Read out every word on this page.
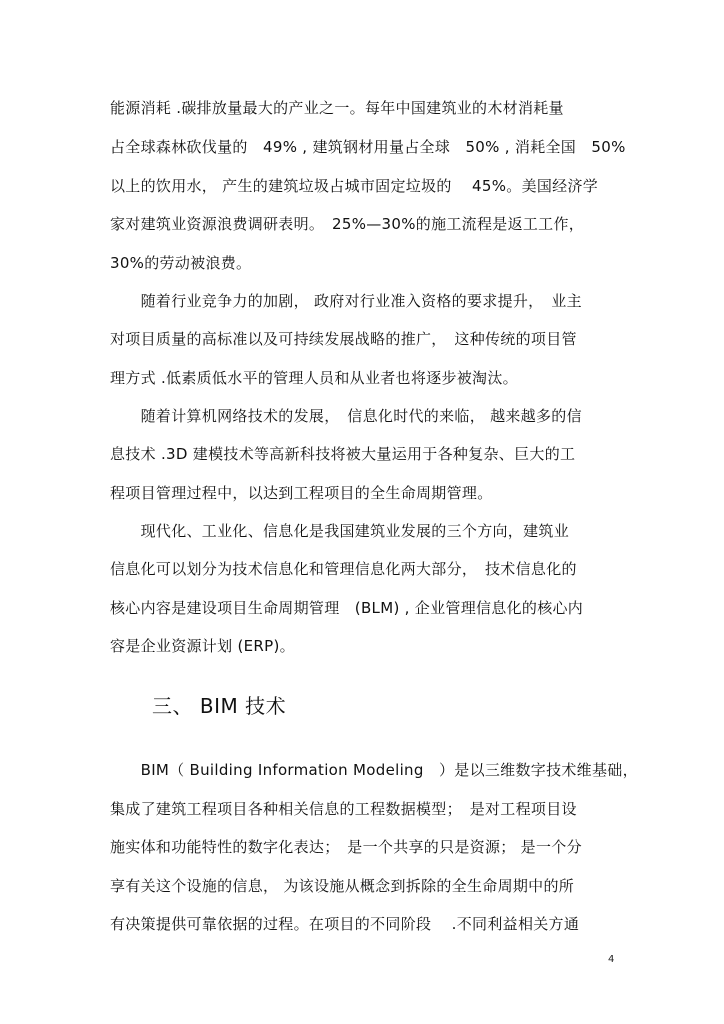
能源消耗 .碳排放量最大的产业之一。每年中国建筑业的木材消耗量
占全球森林砍伐量的　49% , 建筑钢材用量占全球　50% , 消耗全国　50%
以上的饮用水， 产生的建筑垃圾占城市固定垃圾的　 45%。美国经济学
家对建筑业资源浪费调研表明。　25%—30%的施工流程是返工工作，
30%的劳动被浪费。
　　随着行业竞争力的加剧， 政府对行业准入资格的要求提升，　业主
对项目质量的高标准以及可持续发展战略的推广，　这种传统的项目管
理方式 .低素质低水平的管理人员和从业者也将逐步被淘汰。
　　随着计算机网络技术的发展，　信息化时代的来临， 越来越多的信
息技术 .3D 建模技术等高新科技将被大量运用于各种复杂、巨大的工
程项目管理过程中，以达到工程项目的全生命周期管理。
　　现代化、工业化、信息化是我国建筑业发展的三个方向，建筑业
信息化可以划分为技术信息化和管理信息化两大部分，　技术信息化的
核心内容是建设项目生命周期管理　(BLM) , 企业管理信息化的核心内
容是企业资源计划 (ERP)。
三、 BIM 技术
　　BIM（ Building Information Modeling　）是以三维数字技术维基础，
集成了建筑工程项目各种相关信息的工程数据模型；　是对工程项目设
施实体和功能特性的数字化表达；　是一个共享的只是资源； 是一个分
享有关这个设施的信息， 为该设施从概念到拆除的全生命周期中的所
有决策提供可靠依据的过程。在项目的不同阶段　 .不同利益相关方通
4
